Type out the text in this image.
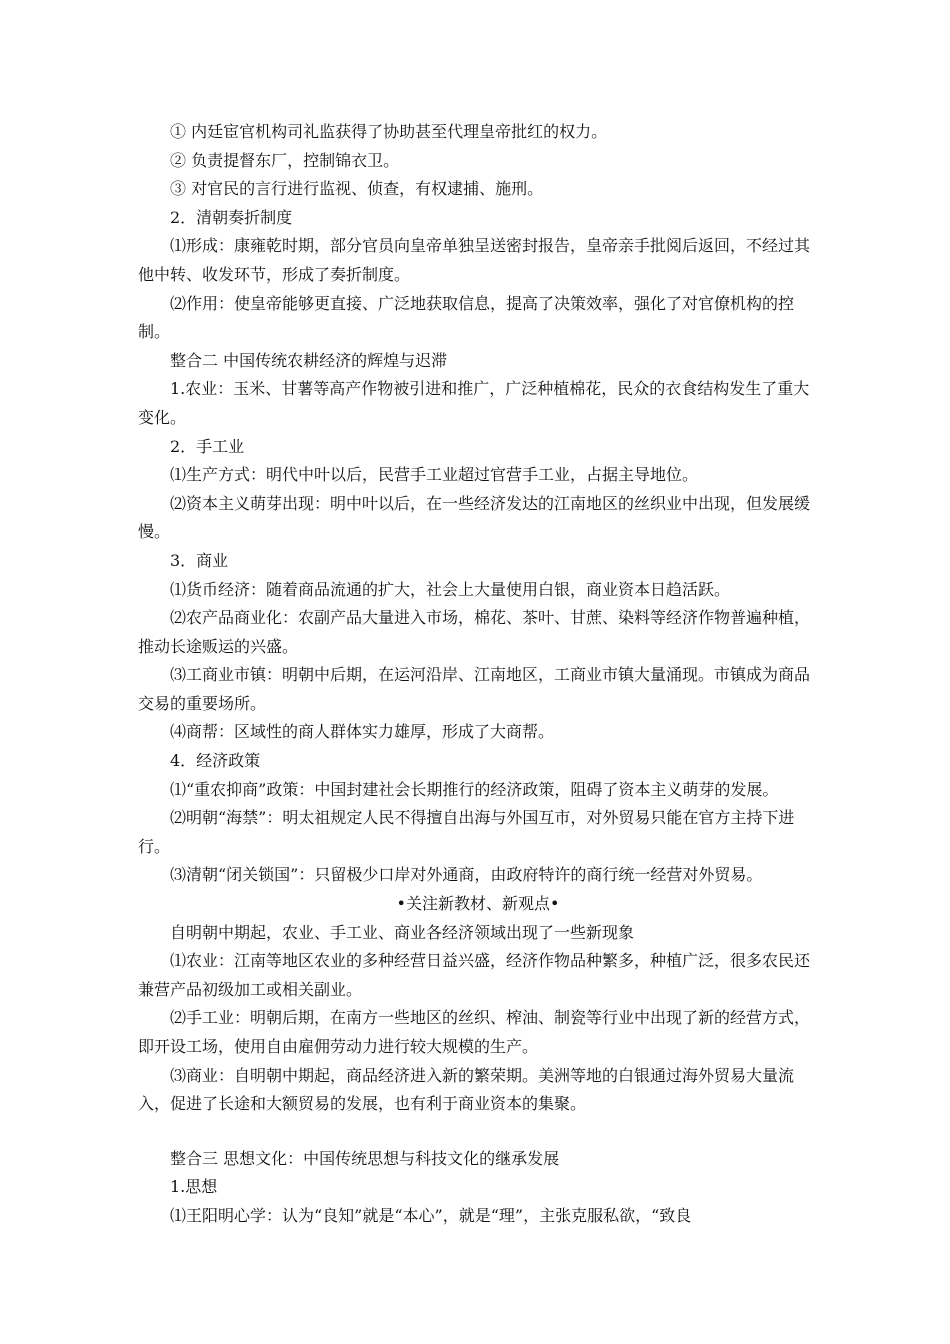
① 内廷宦官机构司礼监获得了协助甚至代理皇帝批红的权力。

② 负责提督东厂，控制锦衣卫。

③ 对官民的言行进行监视、侦查，有权逮捕、施刑。

2．清朝奏折制度

⑴形成：康雍乾时期，部分官员向皇帝单独呈送密封报告，皇帝亲手批阅后返回，不经过其他中转、收发环节，形成了奏折制度。

⑵作用：使皇帝能够更直接、广泛地获取信息，提高了决策效率，强化了对官僚机构的控制。

整合二 中国传统农耕经济的辉煌与迟滞

1.农业：玉米、甘薯等高产作物被引进和推广，广泛种植棉花，民众的衣食结构发生了重大变化。

2．手工业

⑴生产方式：明代中叶以后，民营手工业超过官营手工业，占据主导地位。

⑵资本主义萌芽出现：明中叶以后，在一些经济发达的江南地区的丝织业中出现，但发展缓慢。

3．商业

⑴货币经济：随着商品流通的扩大，社会上大量使用白银，商业资本日趋活跃。

⑵农产品商业化：农副产品大量进入市场，棉花、茶叶、甘蔗、染料等经济作物普遍种植，推动长途贩运的兴盛。

⑶工商业市镇：明朝中后期，在运河沿岸、江南地区，工商业市镇大量涌现。市镇成为商品交易的重要场所。

⑷商帮：区域性的商人群体实力雄厚，形成了大商帮。

4．经济政策

⑴“重农抑商”政策：中国封建社会长期推行的经济政策，阻碍了资本主义萌芽的发展。

⑵明朝“海禁”：明太祖规定人民不得擅自出海与外国互市，对外贸易只能在官方主持下进行。

⑶清朝“闭关锁国”：只留极少口岸对外通商，由政府特许的商行统一经营对外贸易。

•关注新教材、新观点•

自明朝中期起，农业、手工业、商业各经济领域出现了一些新现象

⑴农业：江南等地区农业的多种经营日益兴盛，经济作物品种繁多，种植广泛，很多农民还兼营产品初级加工或相关副业。

⑵手工业：明朝后期，在南方一些地区的丝织、榨油、制瓷等行业中出现了新的经营方式，即开设工场，使用自由雇佣劳动力进行较大规模的生产。

⑶商业：自明朝中期起，商品经济进入新的繁荣期。美洲等地的白银通过海外贸易大量流入，促进了长途和大额贸易的发展，也有利于商业资本的集聚。

整合三 思想文化：中国传统思想与科技文化的继承发展

1.思想

⑴王阳明心学：认为“良知”就是“本心”，就是“理”，主张克服私欲，“致良
